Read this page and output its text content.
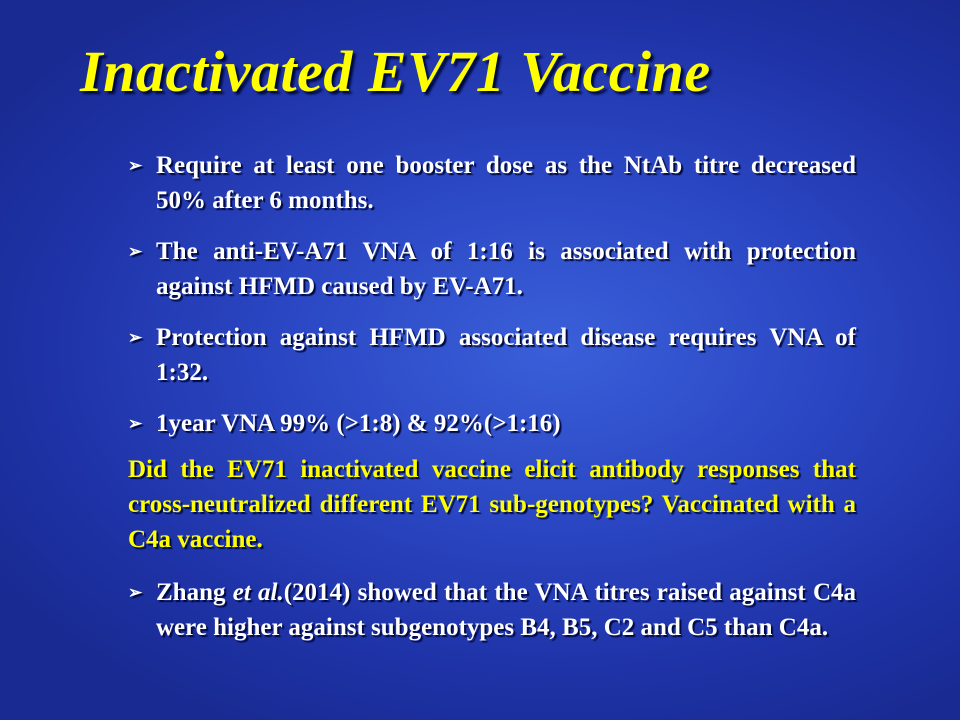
Inactivated EV71 Vaccine
➢ Require at least one booster dose as the NtAb titre decreased 50% after 6 months.
➢ The anti-EV-A71 VNA of 1:16 is associated with protection against HFMD caused by EV-A71.
➢ Protection against HFMD associated disease requires VNA of 1:32.
➢ 1year VNA 99% (>1:8) & 92%(>1:16)
Did the EV71 inactivated vaccine elicit antibody responses that cross-neutralized different EV71 sub-genotypes? Vaccinated with a C4a vaccine.
➢ Zhang et al.(2014) showed that the VNA titres raised against C4a were higher against subgenotypes B4, B5, C2 and C5 than C4a.
